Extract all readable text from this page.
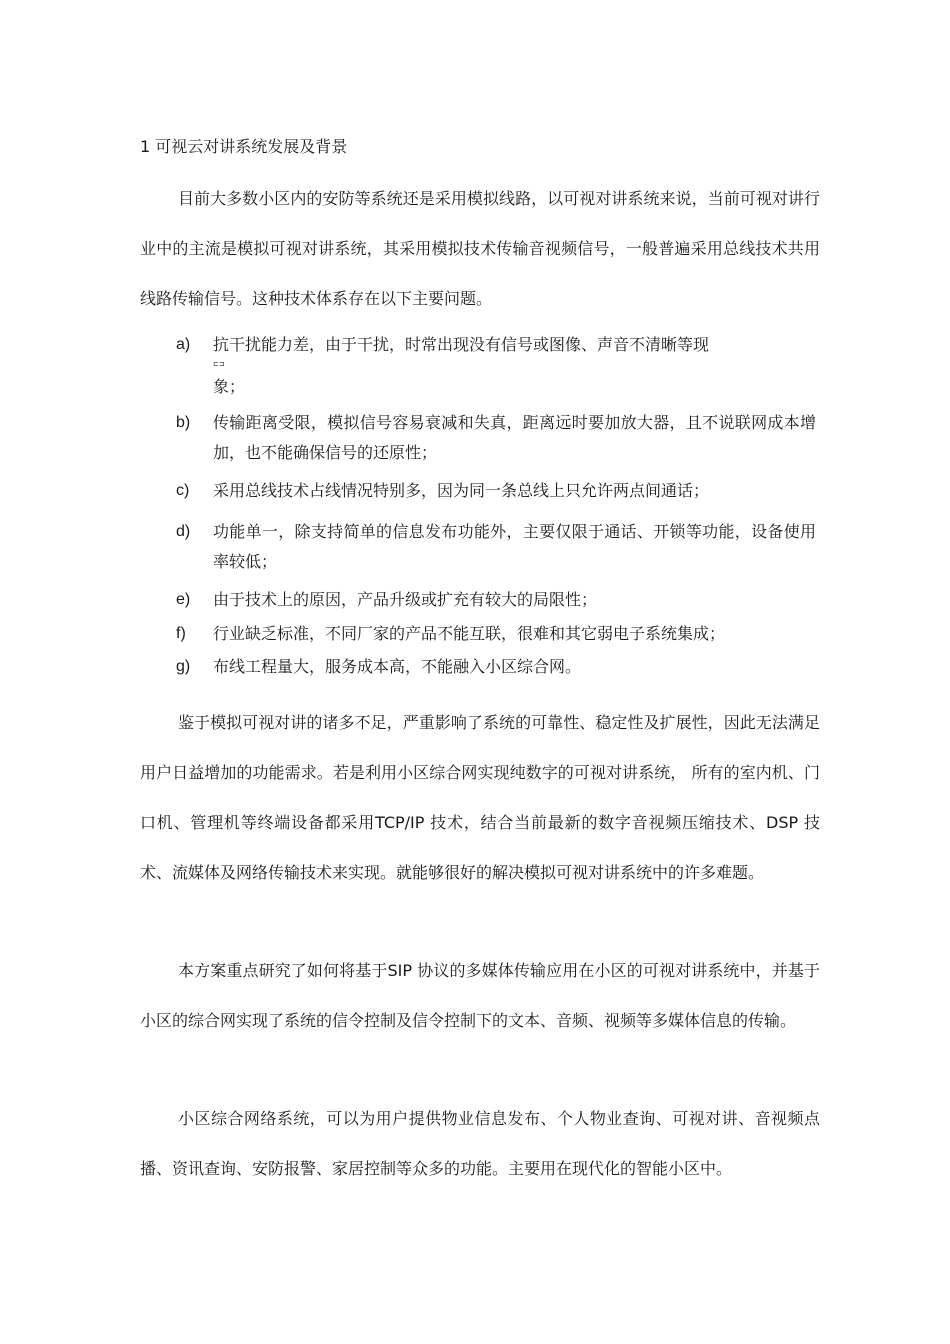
1 可视云对讲系统发展及背景

目前大多数小区内的安防等系统还是采用模拟线路，以可视对讲系统来说，当前可视对讲行业中的主流是模拟可视对讲系统，其采用模拟技术传输音视频信号，一般普遍采用总线技术共用线路传输信号。这种技术体系存在以下主要问题。

a)	抗干扰能力差，由于干扰，时常出现没有信号或图像、声音不清晰等现
⊏⊐
象；
b)	传输距离受限，模拟信号容易衰减和失真，距离远时要加放大器，且不说联网成本增加，也不能确保信号的还原性；
c)	采用总线技术占线情况特别多，因为同一条总线上只允许两点间通话；
d)	功能单一，除支持简单的信息发布功能外，主要仅限于通话、开锁等功能，设备使用率较低；
e)	由于技术上的原因，产品升级或扩充有较大的局限性；
f)	行业缺乏标准，不同厂家的产品不能互联，很难和其它弱电子系统集成；
g)	布线工程量大，服务成本高，不能融入小区综合网。

鉴于模拟可视对讲的诸多不足，严重影响了系统的可靠性、稳定性及扩展性，因此无法满足用户日益增加的功能需求。若是利用小区综合网实现纯数字的可视对讲系统， 所有的室内机、门口机、管理机等终端设备都采用TCP/IP 技术，结合当前最新的数字音视频压缩技术、DSP 技术、流媒体及网络传输技术来实现。就能够很好的解决模拟可视对讲系统中的许多难题。

本方案重点研究了如何将基于SIP 协议的多媒体传输应用在小区的可视对讲系统中，并基于小区的综合网实现了系统的信令控制及信令控制下的文本、音频、视频等多媒体信息的传输。

小区综合网络系统，可以为用户提供物业信息发布、个人物业查询、可视对讲、音视频点播、资讯查询、安防报警、家居控制等众多的功能。主要用在现代化的智能小区中。
